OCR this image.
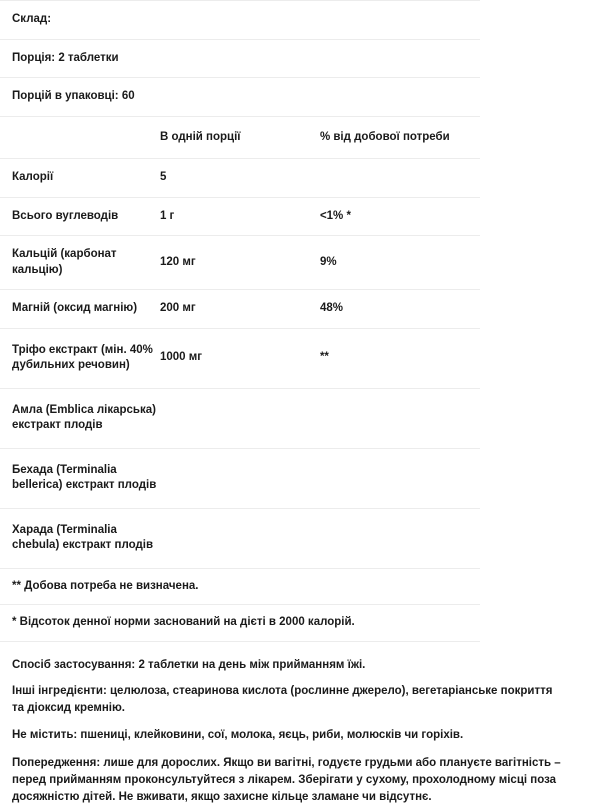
Склад:		
Порція: 2 таблетки		
Порцій в упаковці: 60		
	В одній порції	% від добової потреби
Калорії	5	
Всього вуглеводів	1 г	<1% *
Кальцій (карбонат кальцію)	120 мг	9%
Магній (оксид магнію)	200 мг	48%
Тріфо екстракт (мін. 40% дубильних речовин)	1000 мг	**
Амла (Emblica лікарська) екстракт плодів		
Бехада (Terminalia bellerica) екстракт плодів		
Харада (Terminalia chebula) екстракт плодів		
** Добова потреба не визначена.		
* Відсоток денної норми заснований на дієті в 2000 калорій.		

Спосіб застосування: 2 таблетки на день між прийманням їжі.

Інші інгредієнти: целюлоза, стеаринова кислота (рослинне джерело), вегетаріанське покриття та діоксид кремнію.

Не містить: пшениці, клейковини, сої, молока, яєць, риби, молюсків чи горіхів.

Попередження: лише для дорослих. Якщо ви вагітні, годуєте грудьми або плануєте вагітність – перед прийманням проконсультуйтеся з лікарем. Зберігати у сухому, прохолодному місці поза досяжністю дітей. Не вживати, якщо захисне кільце зламане чи відсутнє.
